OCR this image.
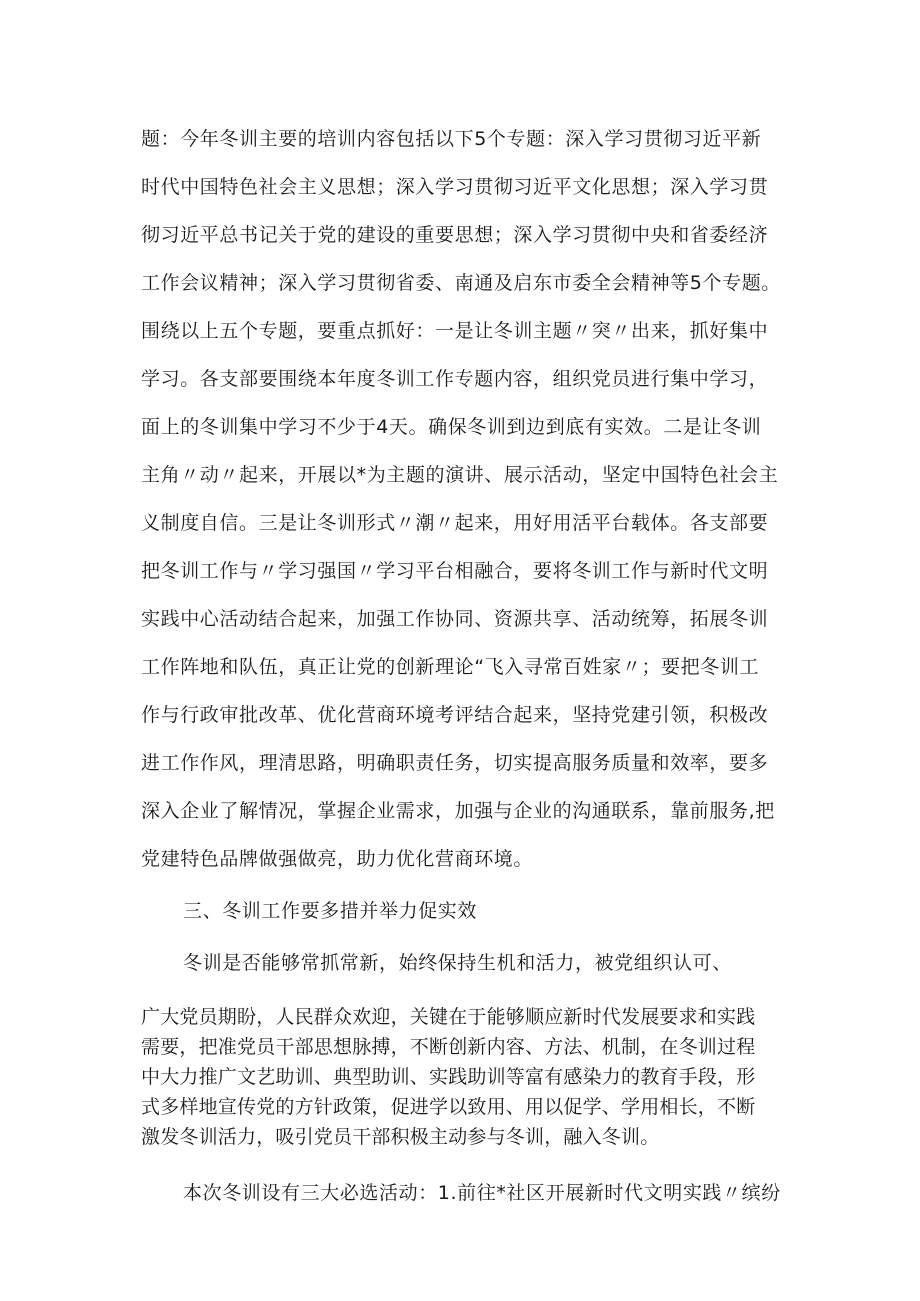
题：今年冬训主要的培训内容包括以下5个专题：深入学习贯彻习近平新
时代中国特色社会主义思想；深入学习贯彻习近平文化思想；深入学习贯
彻习近平总书记关于党的建设的重要思想；深入学习贯彻中央和省委经济
工作会议精神；深入学习贯彻省委、南通及启东市委全会精神等5个专题。
围绕以上五个专题，要重点抓好：一是让冬训主题〃突〃出来，抓好集中
学习。各支部要围绕本年度冬训工作专题内容，组织党员进行集中学习，
面上的冬训集中学习不少于4天。确保冬训到边到底有实效。二是让冬训
主角〃动〃起来，开展以*为主题的演讲、展示活动，坚定中国特色社会主
义制度自信。三是让冬训形式〃潮〃起来，用好用活平台载体。各支部要
把冬训工作与〃学习强国〃学习平台相融合，要将冬训工作与新时代文明
实践中心活动结合起来，加强工作协同、资源共享、活动统筹，拓展冬训
工作阵地和队伍，真正让党的创新理论“飞入寻常百姓家〃；要把冬训工
作与行政审批改革、优化营商环境考评结合起来，坚持党建引领，积极改
进工作作风，理清思路，明确职责任务，切实提高服务质量和效率，要多
深入企业了解情况，掌握企业需求，加强与企业的沟通联系，靠前服务,把
党建特色品牌做强做亮，助力优化营商环境。
三、冬训工作要多措并举力促实效
冬训是否能够常抓常新，始终保持生机和活力，被党组织认可、
广大党员期盼，人民群众欢迎，关键在于能够顺应新时代发展要求和实践
需要，把准党员干部思想脉搏，不断创新内容、方法、机制，在冬训过程
中大力推广文艺助训、典型助训、实践助训等富有感染力的教育手段，形
式多样地宣传党的方针政策，促进学以致用、用以促学、学用相长，不断
激发冬训活力，吸引党员干部积极主动参与冬训，融入冬训。
本次冬训设有三大必选活动：1.前往*社区开展新时代文明实践〃缤纷
